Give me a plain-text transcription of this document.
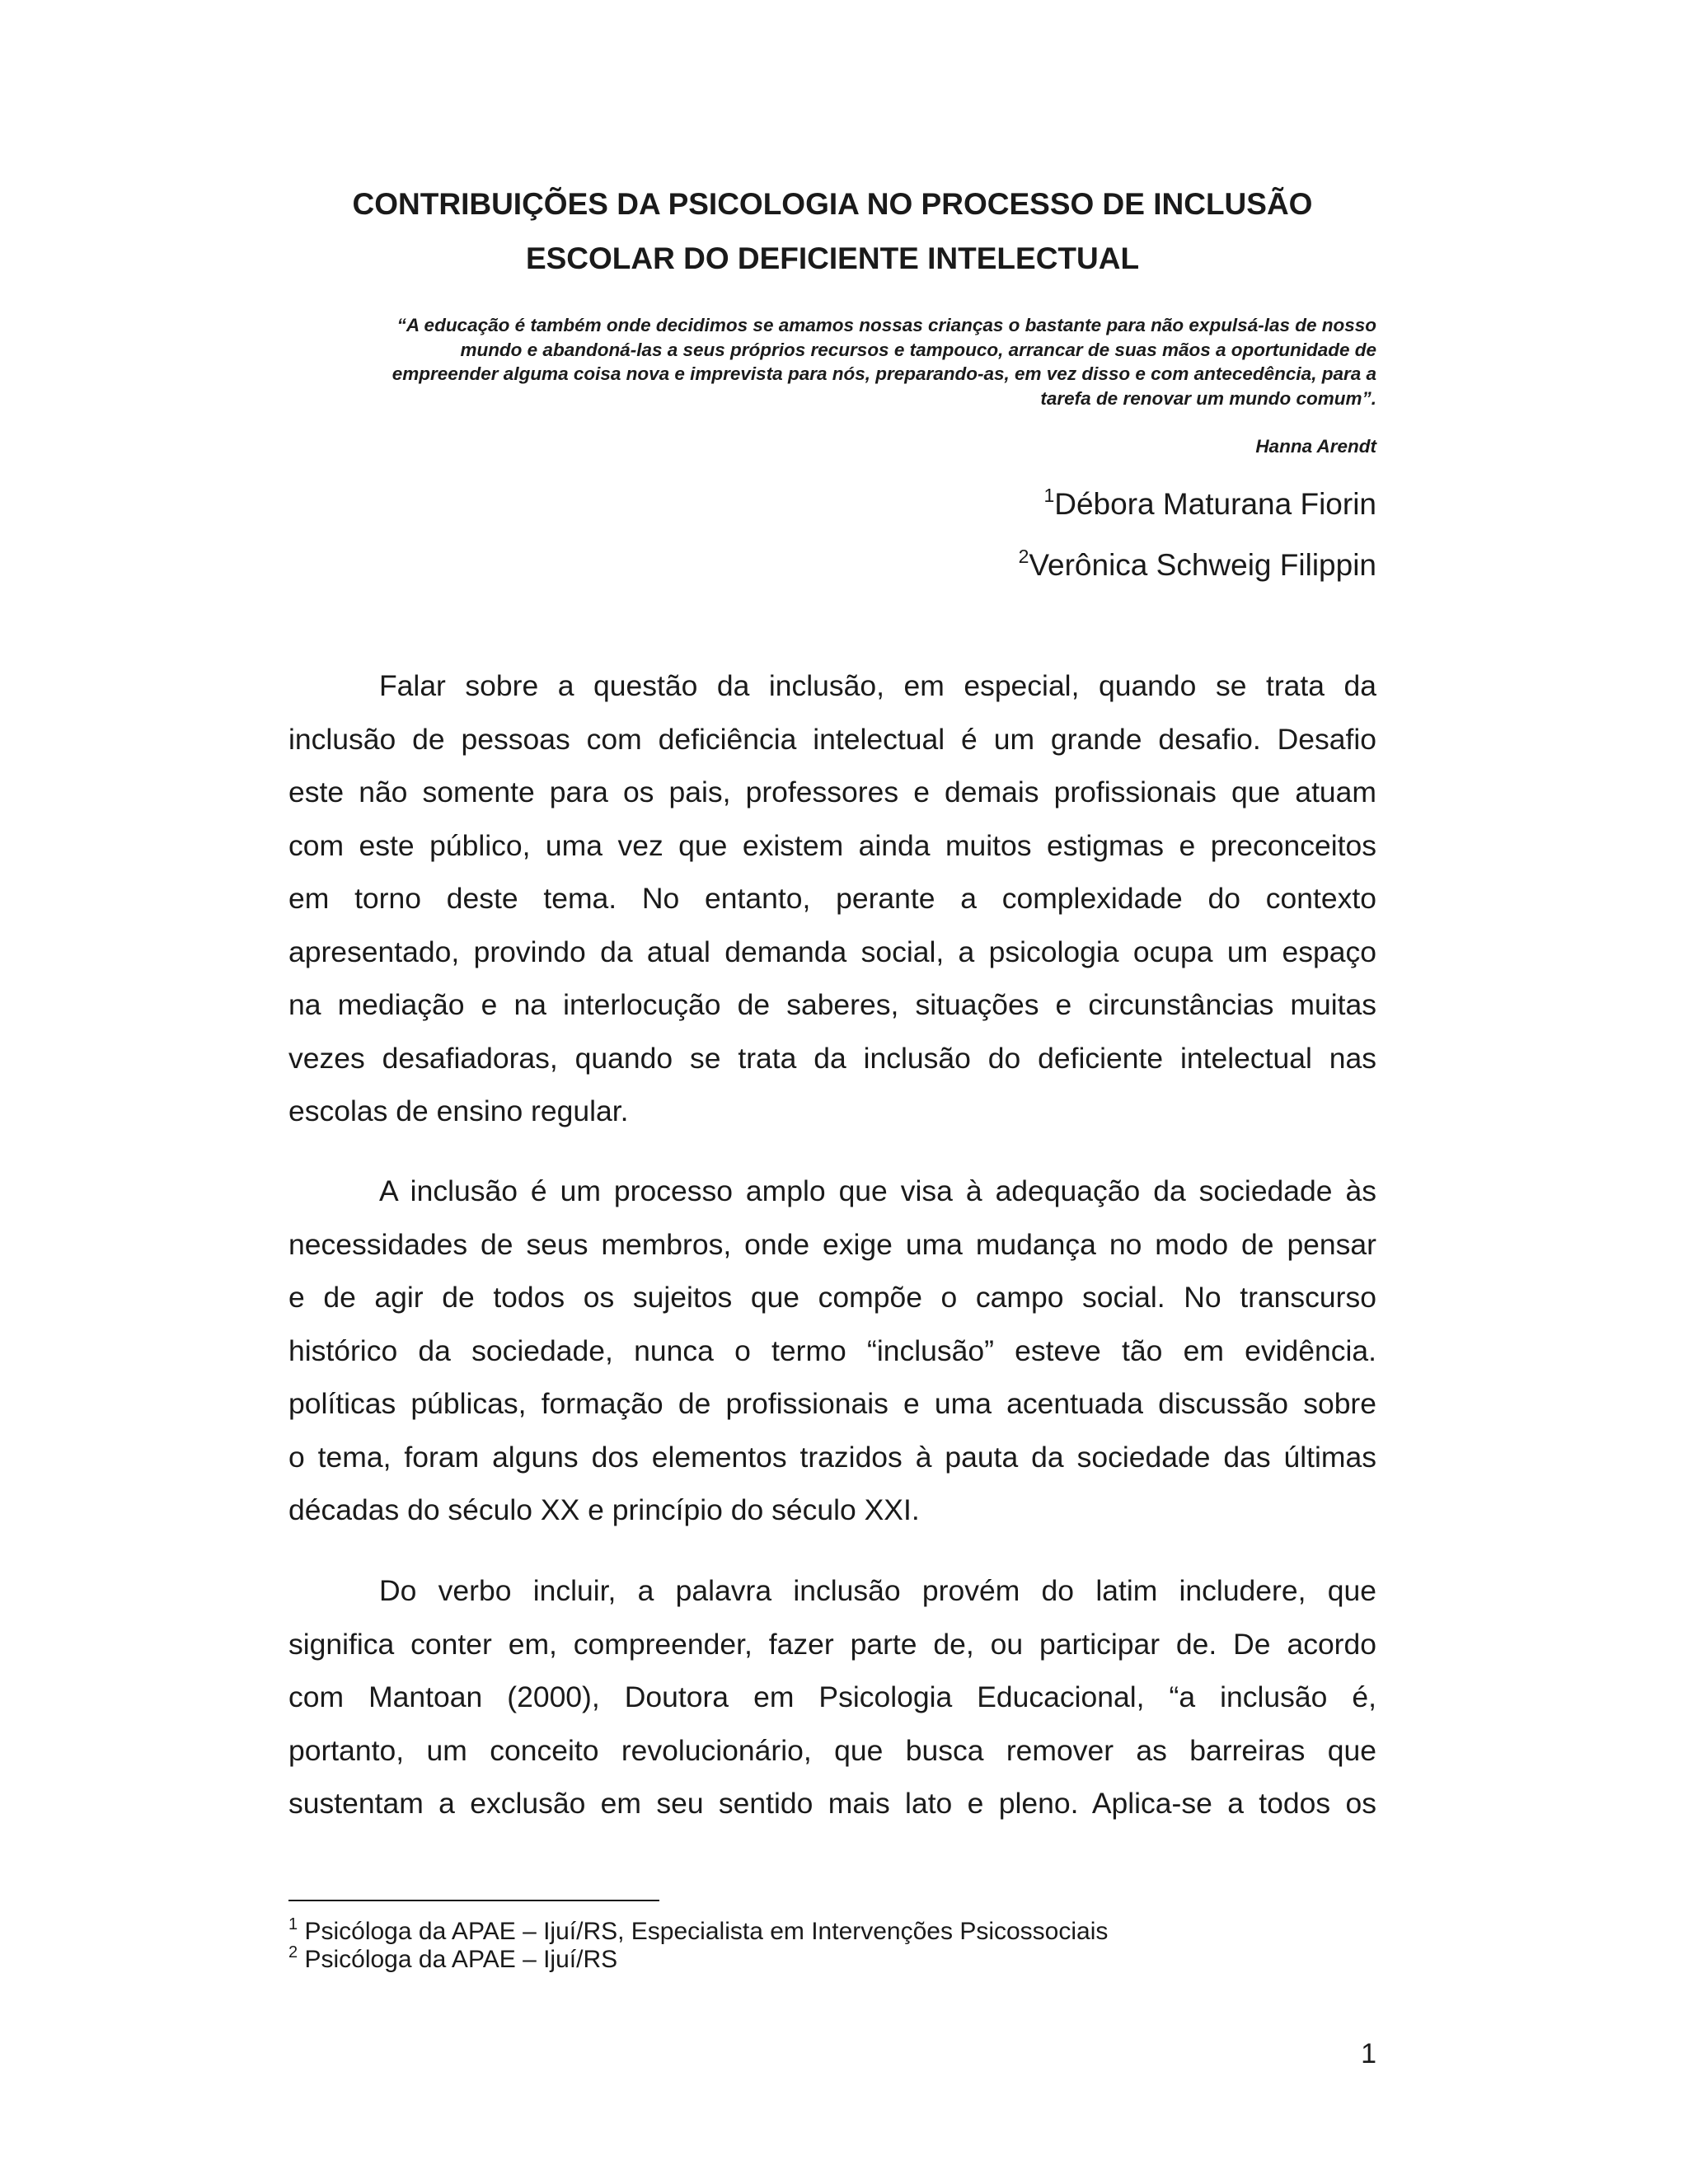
CONTRIBUIÇÕES DA PSICOLOGIA NO PROCESSO DE INCLUSÃO
ESCOLAR DO DEFICIENTE INTELECTUAL

“A educação é também onde decidimos se amamos nossas crianças o bastante para não expulsá-las de nosso
mundo e abandoná-las a seus próprios recursos e tampouco, arrancar de suas mãos a oportunidade de
empreender alguma coisa nova e imprevista para nós, preparando-as, em vez disso e com antecedência, para a
tarefa de renovar um mundo comum”.

Hanna Arendt

$^1$Débora Maturana Fiorin
$^2$Verônica Schweig Filippin

Falar sobre a questão da inclusão, em especial, quando se trata da
inclusão de pessoas com deficiência intelectual é um grande desafio. Desafio
este não somente para os pais, professores e demais profissionais que atuam
com este público, uma vez que existem ainda muitos estigmas e preconceitos
em torno deste tema. No entanto, perante a complexidade do contexto
apresentado, provindo da atual demanda social, a psicologia ocupa um espaço
na mediação e na interlocução de saberes, situações e circunstâncias muitas
vezes desafiadoras, quando se trata da inclusão do deficiente intelectual nas
escolas de ensino regular.

A inclusão é um processo amplo que visa à adequação da sociedade às
necessidades de seus membros, onde exige uma mudança no modo de pensar
e de agir de todos os sujeitos que compõe o campo social. No transcurso
histórico da sociedade, nunca o termo “inclusão” esteve tão em evidência.
políticas públicas, formação de profissionais e uma acentuada discussão sobre
o tema, foram alguns dos elementos trazidos à pauta da sociedade das últimas
décadas do século XX e princípio do século XXI.

Do verbo incluir, a palavra inclusão provém do latim includere, que
significa conter em, compreender, fazer parte de, ou participar de. De acordo
com Mantoan (2000), Doutora em Psicologia Educacional, “a inclusão é,
portanto, um conceito revolucionário, que busca remover as barreiras que
sustentam a exclusão em seu sentido mais lato e pleno. Aplica-se a todos os

$^1$ Psicóloga da APAE – Ijuí/RS, Especialista em Intervenções Psicossociais
$^2$ Psicóloga da APAE – Ijuí/RS
1
